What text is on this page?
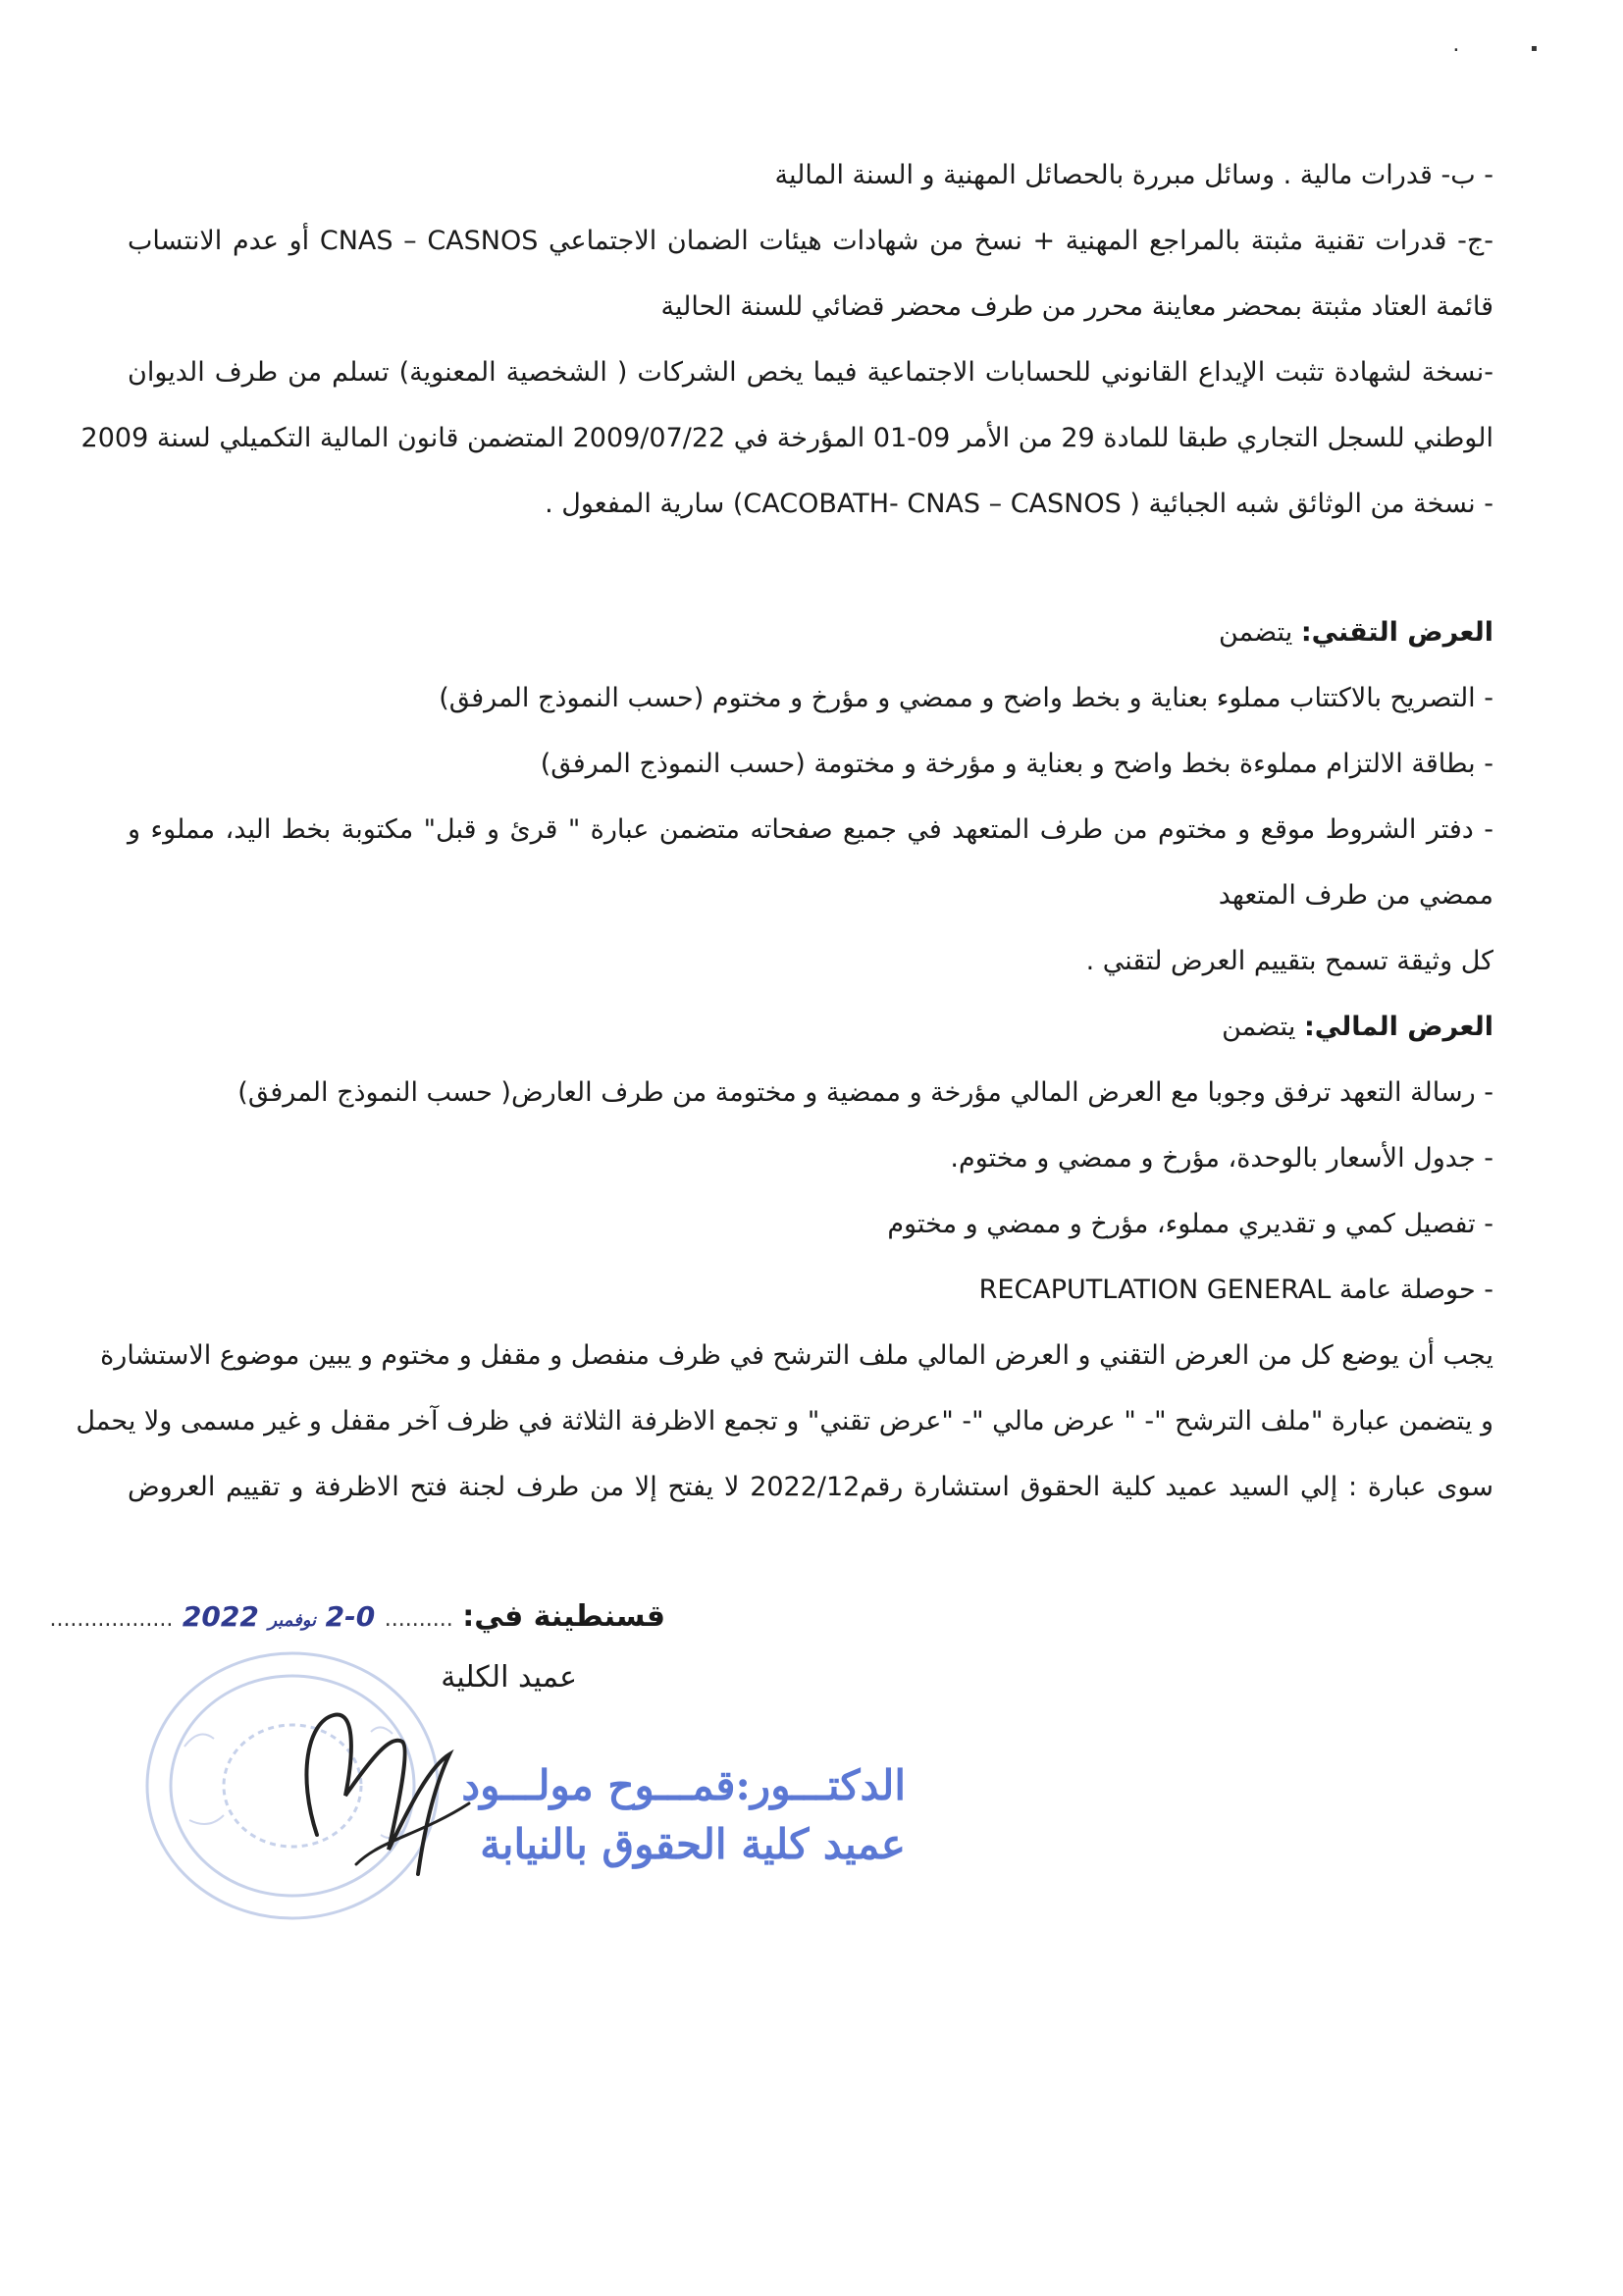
٠	▪
- ب- قدرات مالية . وسائل مبررة بالحصائل المهنية و السنة المالية
-ج- قدرات تقنية مثبتة بالمراجع المهنية + نسخ من شهادات هيئات الضمان الاجتماعي CNAS – CASNOS أو عدم الانتساب
قائمة العتاد مثبتة بمحضر معاينة محرر من طرف محضر قضائي للسنة الحالية
-نسخة لشهادة تثبت الإيداع القانوني للحسابات الاجتماعية فيما يخص الشركات ( الشخصية المعنوية) تسلم من طرف الديوان
الوطني للسجل التجاري طبقا للمادة 29 من الأمر 09-01 المؤرخة في 2009/07/22 المتضمن قانون المالية التكميلي لسنة 2009
- نسخة من الوثائق شبه الجبائية ( CACOBATH- CNAS – CASNOS) سارية المفعول .
العرض التقني: يتضمن
- التصريح بالاكتتاب مملوء بعناية و بخط واضح و ممضي و مؤرخ و مختوم (حسب النموذج المرفق)
- بطاقة الالتزام مملوءة بخط واضح و بعناية و مؤرخة و مختومة (حسب النموذج المرفق)
- دفتر الشروط موقع و مختوم من طرف المتعهد في جميع صفحاته متضمن عبارة " قرئ و قبل" مكتوبة بخط اليد، مملوء و
ممضي من طرف المتعهد
كل وثيقة تسمح بتقييم العرض لتقني .
العرض المالي: يتضمن
- رسالة التعهد ترفق وجوبا مع العرض المالي مؤرخة و ممضية و مختومة من طرف العارض( حسب النموذج المرفق)
- جدول الأسعار بالوحدة، مؤرخ و ممضي و مختوم.
- تفصيل كمي و تقديري مملوء، مؤرخ و ممضي و مختوم
- حوصلة عامة RECAPUTLATION GENERAL
يجب أن يوضع كل من العرض التقني و العرض المالي ملف الترشح في ظرف منفصل و مقفل و مختوم و يبين موضوع الاستشارة
و يتضمن عبارة "ملف الترشح "- " عرض مالي "- "عرض تقني" و تجمع الاظرفة الثلاثة في ظرف آخر مقفل و غير مسمى ولا يحمل
سوى عبارة : إلي السيد عميد كلية الحقوق استشارة رقم2022/12 لا يفتح إلا من طرف لجنة فتح الاظرفة و تقييم العروض
قسنطينة في: .......... 0-2 نوفمبر 2022 ..................
عميد الكلية
الدكتـــور:قمـــوح مولـــود
عميد كلية الحقوق بالنيابة
